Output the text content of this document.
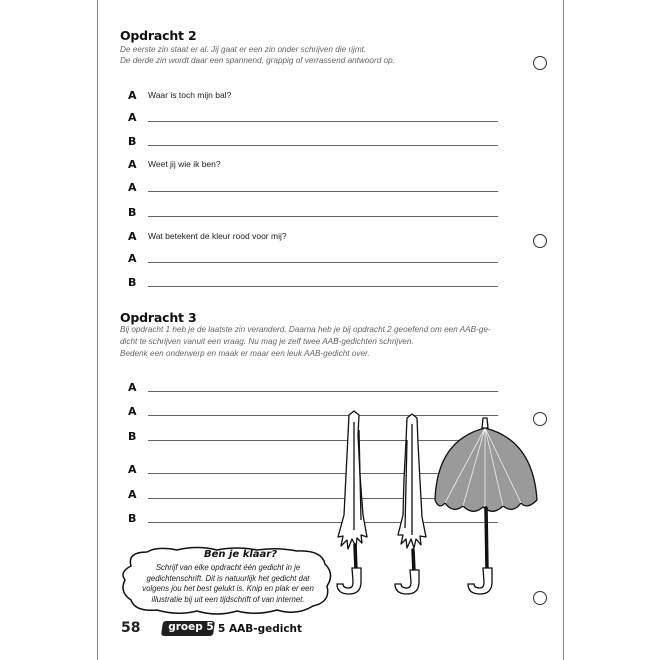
Opdracht 2
De eerste zin staat er al. Jij gaat er een zin onder schrijven die rijmt.
De derde zin wordt daar een spannend, grappig of verrassend antwoord op.
A Waar is toch mijn bal?
A
B
A Weet jij wie ik ben?
A
B
A Wat betekent de kleur rood voor mij?
A
B
Opdracht 3
Bij opdracht 1 heb je de laatste zin veranderd. Daarna heb je bij opdracht 2 geoefend om een AAB-ge-
dicht te schrijven vanuit een vraag. Nu mag je zelf twee AAB-gedichten schrijven.
Bedenk een onderwerp en maak er maar een leuk AAB-gedicht over.
A
A
B
A
A
B
Ben je klaar?
Schrijf van elke opdracht één gedicht in je
gedichtenschrift. Dit is natuurlijk het gedicht dat
volgens jou het best gelukt is. Knip en plak er een
illustratie bij uit een tijdschrift of van internet.
58	groep 5 5 AAB-gedicht
